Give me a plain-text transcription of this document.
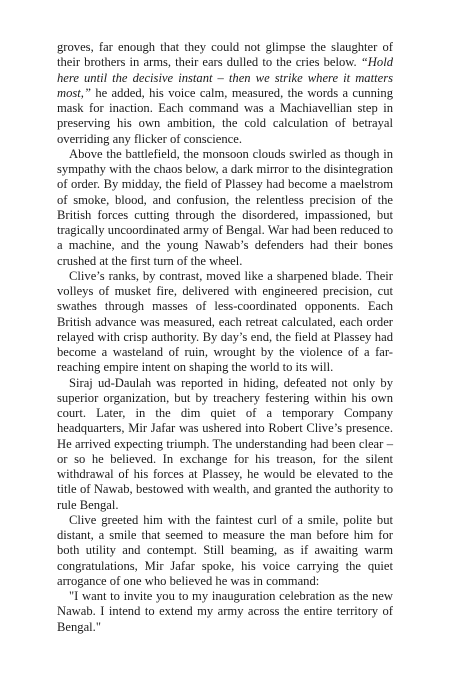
groves, far enough that they could not glimpse the slaughter of their brothers in arms, their ears dulled to the cries below. “Hold here until the decisive instant – then we strike where it matters most,” he added, his voice calm, measured, the words a cunning mask for inaction. Each command was a Machiavellian step in preserving his own ambition, the cold calculation of betrayal overriding any flicker of conscience.

Above the battlefield, the monsoon clouds swirled as though in sympathy with the chaos below, a dark mirror to the disintegration of order. By midday, the field of Plassey had become a maelstrom of smoke, blood, and confusion, the relentless precision of the British forces cutting through the disordered, impassioned, but tragically uncoordinated army of Bengal. War had been reduced to a machine, and the young Nawab’s defenders had their bones crushed at the first turn of the wheel.

Clive’s ranks, by contrast, moved like a sharpened blade. Their volleys of musket fire, delivered with engineered precision, cut swathes through masses of less-coordinated opponents. Each British advance was measured, each retreat calculated, each order relayed with crisp authority. By day’s end, the field at Plassey had become a wasteland of ruin, wrought by the violence of a far-reaching empire intent on shaping the world to its will.

Siraj ud-Daulah was reported in hiding, defeated not only by superior organization, but by treachery festering within his own court. Later, in the dim quiet of a temporary Company headquarters, Mir Jafar was ushered into Robert Clive’s presence. He arrived expecting triumph. The understanding had been clear – or so he believed. In exchange for his treason, for the silent withdrawal of his forces at Plassey, he would be elevated to the title of Nawab, bestowed with wealth, and granted the authority to rule Bengal.

Clive greeted him with the faintest curl of a smile, polite but distant, a smile that seemed to measure the man before him for both utility and contempt. Still beaming, as if awaiting warm congratulations, Mir Jafar spoke, his voice carrying the quiet arrogance of one who believed he was in command:

"I want to invite you to my inauguration celebration as the new Nawab. I intend to extend my army across the entire territory of Bengal."
